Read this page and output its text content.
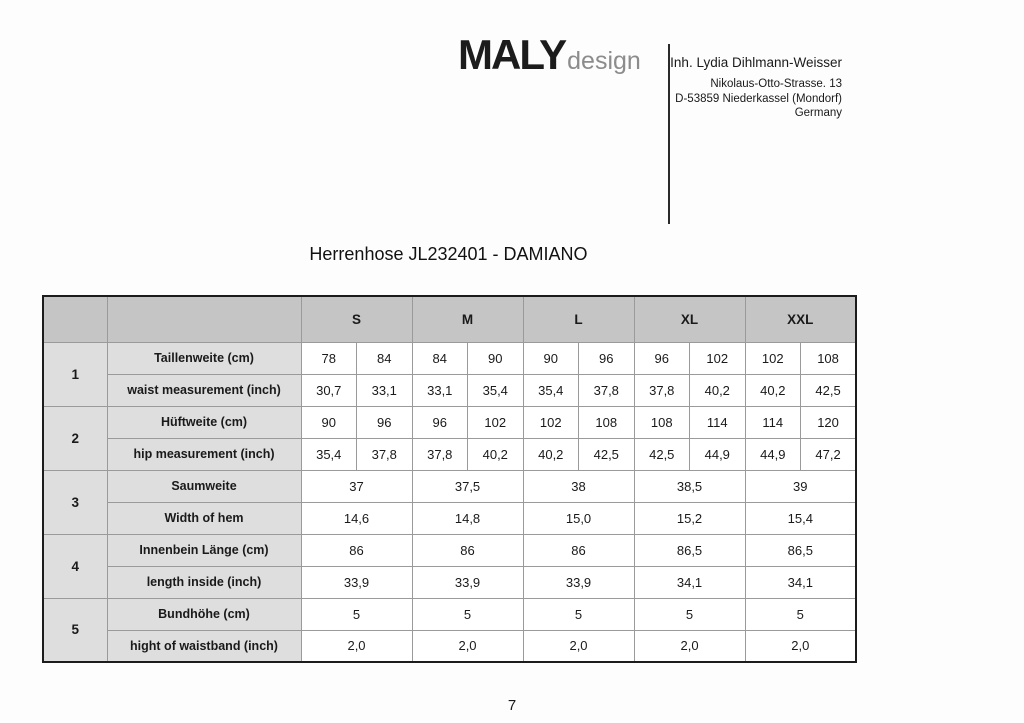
MALY design	Inh. Lydia Dihlmann-Weisser
Nikolaus-Otto-Strasse. 13
D-53859 Niederkassel (Mondorf)
Germany
Herrenhose JL232401 - DAMIANO
		S		M		L		XL		XXL	
1	Taillenweite (cm)	78	84	84	90	90	96	96	102	102	108
	waist measurement (inch)	30,7	33,1	33,1	35,4	35,4	37,8	37,8	40,2	40,2	42,5
2	Hüftweite (cm)	90	96	96	102	102	108	108	114	114	120
	hip measurement (inch)	35,4	37,8	37,8	40,2	40,2	42,5	42,5	44,9	44,9	47,2
3	Saumweite	37		37,5		38		38,5		39	
	Width of hem	14,6		14,8		15,0		15,2		15,4	
4	Innenbein Länge (cm)	86		86		86		86,5		86,5	
	length inside (inch)	33,9		33,9		33,9		34,1		34,1	
5	Bundhöhe (cm)	5		5		5		5		5	
	hight of waistband (inch)	2,0		2,0		2,0		2,0		2,0	
7
